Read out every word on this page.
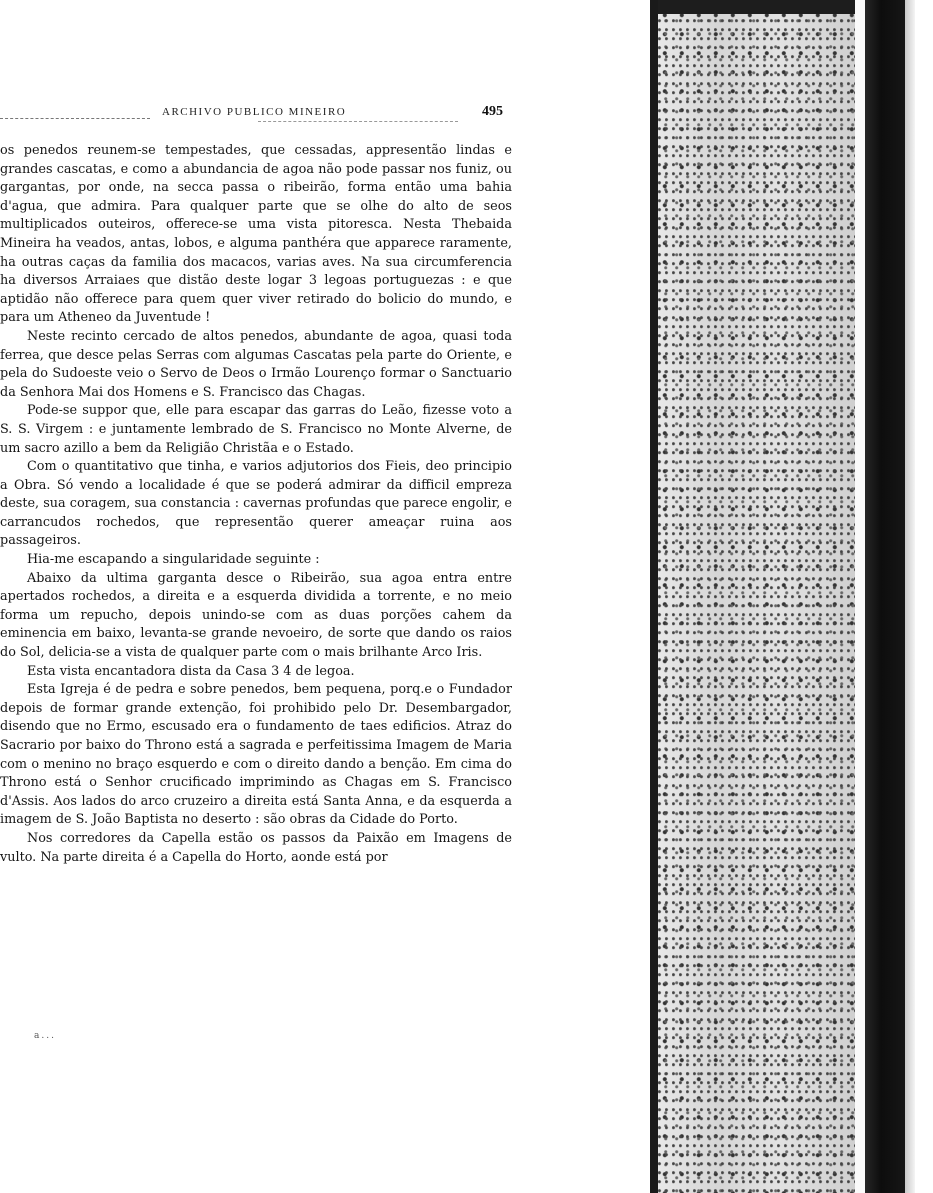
ARCHIVO PUBLICO MINEIRO	495

os penedos reunem-se tempestades, que cessadas, appresentão lindas e grandes cascatas, e como a abundancia de agoa não pode passar nos funiz, ou gargantas, por onde, na secca passa o ribeirão, forma então uma bahia d'agua, que admira. Para qualquer parte que se olhe do alto de seos multiplicados outeiros, offerece-se uma vista pitoresca. Nesta Thebaida Mineira ha veados, antas, lobos, e alguma panthéra que apparece raramente, ha outras caças da familia dos macacos, varias aves. Na sua circumferencia ha diversos Arraiaes que distão deste logar 3 legoas portuguezas : e que aptidão não offerece para quem quer viver retirado do bolicio do mundo, e para um Atheneo da Juventude !

Neste recinto cercado de altos penedos, abundante de agoa, quasi toda ferrea, que desce pelas Serras com algumas Cascatas pela parte do Oriente, e pela do Sudoeste veio o Servo de Deos o Irmão Lourenço formar o Sanctuario da Senhora Mai dos Homens e S. Francisco das Chagas.

Pode-se suppor que, elle para escapar das garras do Leão, fizesse voto a S. S. Virgem : e juntamente lembrado de S. Francisco no Monte Alverne, de um sacro azillo a bem da Religião Christãa e o Estado.

Com o quantitativo que tinha, e varios adjutorios dos Fieis, deo principio a Obra. Só vendo a localidade é que se poderá admirar da difficil empreza deste, sua coragem, sua constancia : cavernas profundas que parece engolir, e carrancudos rochedos, que representão querer ameaçar ruina aos passageiros.

Hia-me escapando a singularidade seguinte :

Abaixo da ultima garganta desce o Ribeirão, sua agoa entra entre apertados rochedos, a direita e a esquerda dividida a torrente, e no meio forma um repucho, depois unindo-se com as duas porções cahem da eminencia em baixo, levanta-se grande nevoeiro, de sorte que dando os raios do Sol, delicia-se a vista de qualquer parte com o mais brilhante Arco Iris.

Esta vista encantadora dista da Casa 3 4 de legoa.

Esta Igreja é de pedra e sobre penedos, bem pequena, porq.e o Fundador depois de formar grande extenção, foi prohibido pelo Dr. Desembargador, disendo que no Ermo, escusado era o fundamento de taes edificios. Atraz do Sacrario por baixo do Throno está a sagrada e perfeitissima Imagem de Maria com o menino no braço esquerdo e com o direito dando a benção. Em cima do Throno está o Senhor crucificado imprimindo as Chagas em S. Francisco d'Assis. Aos lados do arco cruzeiro a direita está Santa Anna, e da esquerda a imagem de S. João Baptista no deserto : são obras da Cidade do Porto.

Nos corredores da Capella estão os passos da Paixão em Imagens de vulto. Na parte direita é a Capella do Horto, aonde está por

a...
